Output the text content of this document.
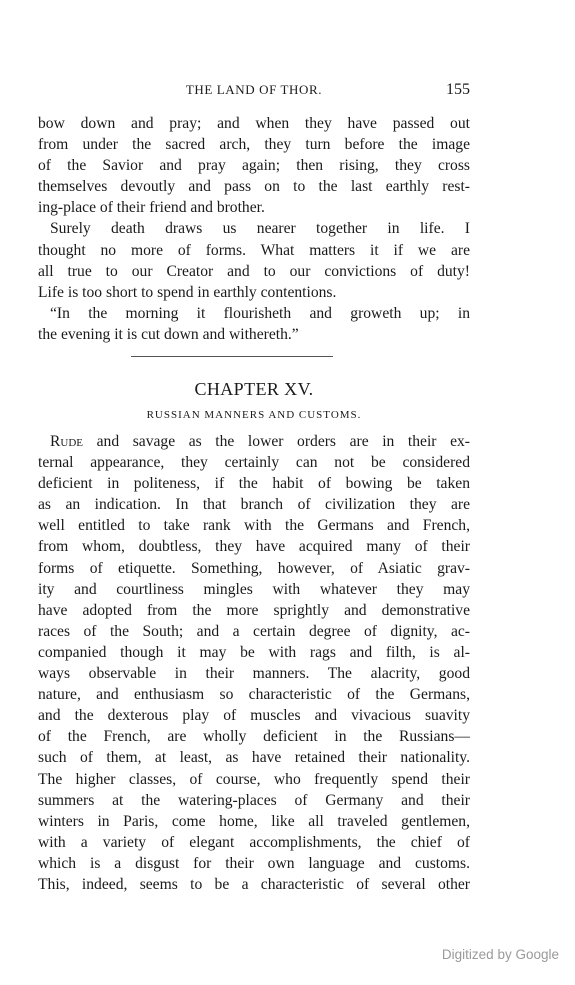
THE LAND OF THOR.	155
bow down and pray; and when they have passed out
from under the sacred arch, they turn before the image
of the Savior and pray again; then rising, they cross
themselves devoutly and pass on to the last earthly rest-
ing-place of their friend and brother.
Surely death draws us nearer together in life. I
thought no more of forms. What matters it if we are
all true to our Creator and to our convictions of duty!
Life is too short to spend in earthly contentions.
“In the morning it flourisheth and groweth up; in
the evening it is cut down and withereth.”
CHAPTER XV.
RUSSIAN MANNERS AND CUSTOMS.
Rude and savage as the lower orders are in their ex-
ternal appearance, they certainly can not be considered
deficient in politeness, if the habit of bowing be taken
as an indication. In that branch of civilization they are
well entitled to take rank with the Germans and French,
from whom, doubtless, they have acquired many of their
forms of etiquette. Something, however, of Asiatic grav-
ity and courtliness mingles with whatever they may
have adopted from the more sprightly and demonstrative
races of the South; and a certain degree of dignity, ac-
companied though it may be with rags and filth, is al-
ways observable in their manners. The alacrity, good
nature, and enthusiasm so characteristic of the Germans,
and the dexterous play of muscles and vivacious suavity
of the French, are wholly deficient in the Russians—
such of them, at least, as have retained their nationality.
The higher classes, of course, who frequently spend their
summers at the watering-places of Germany and their
winters in Paris, come home, like all traveled gentlemen,
with a variety of elegant accomplishments, the chief of
which is a disgust for their own language and customs.
This, indeed, seems to be a characteristic of several other
Digitized by Google
